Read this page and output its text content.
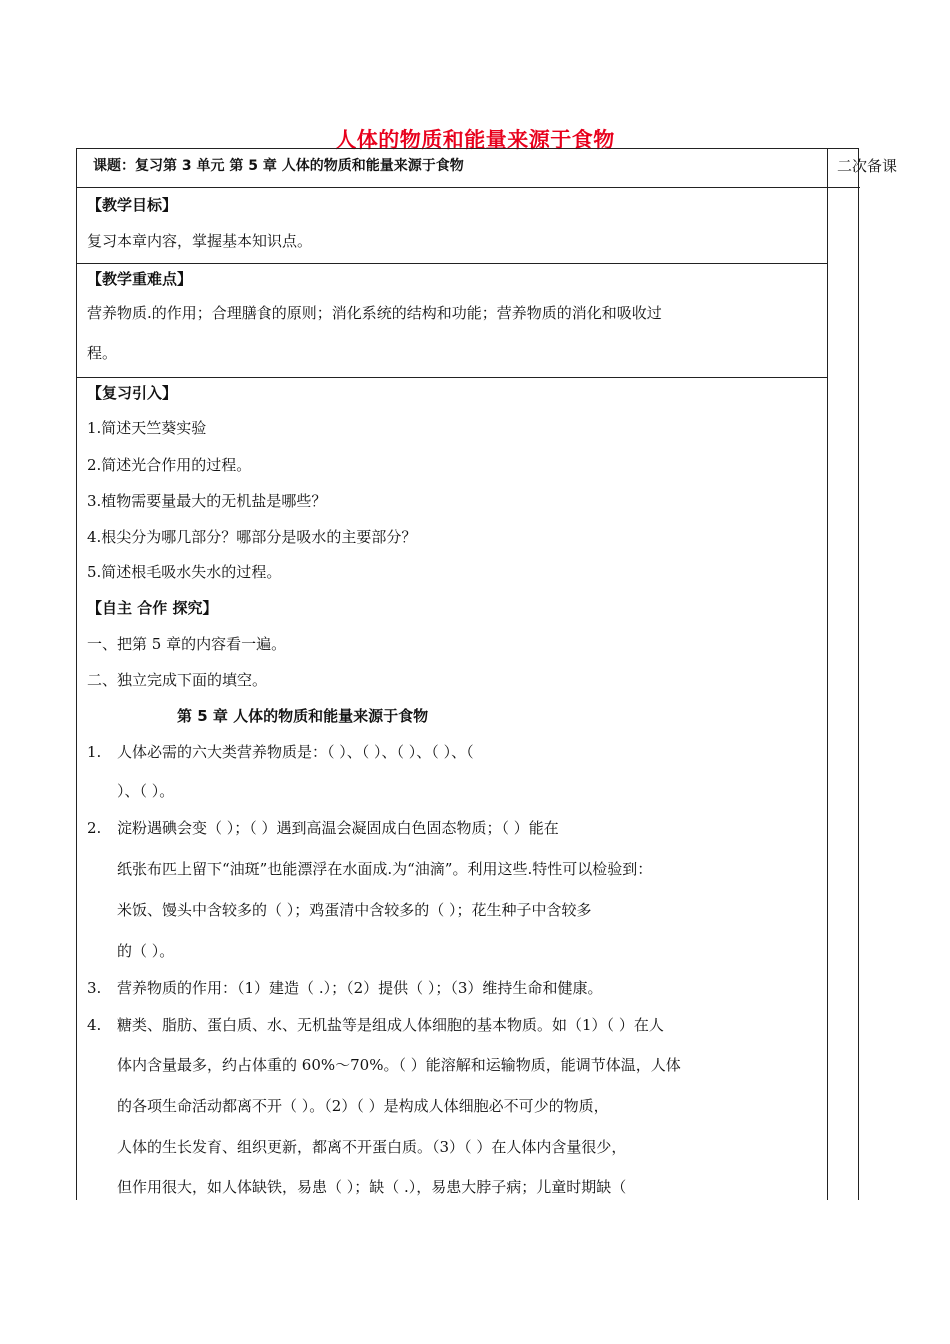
人体的物质和能量来源于食物
课题：复习第 3 单元 第 5 章 人体的物质和能量来源于食物	二次备课
【教学目标】
复习本章内容，掌握基本知识点。
【教学重难点】
营养物质.的作用；合理膳食的原则；消化系统的结构和功能；营养物质的消化和吸收过
程。
【复习引入】
1.简述天竺葵实验
2.简述光合作用的过程。
3.植物需要量最大的无机盐是哪些？
4.根尖分为哪几部分？哪部分是吸水的主要部分？
5.简述根毛吸水失水的过程。
【自主 合作 探究】
一、把第 5 章的内容看一遍。
二、独立完成下面的填空。
第 5 章 人体的物质和能量来源于食物
1. 人体必需的六大类营养物质是：（ ）、（ ）、（ ）、（ ）、（
）、（ ）。
2. 淀粉遇碘会变（ ）；（ ）遇到高温会凝固成白色固态物质；（ ）能在
纸张布匹上留下“油斑”也能漂浮在水面成.为“油滴”。利用这些.特性可以检验到：
米饭、馒头中含较多的（ ）；鸡蛋清中含较多的（ ）；花生种子中含较多
的（ ）。
3. 营养物质的作用：（1）建造（ .）；（2）提供（ ）；（3）维持生命和健康。
4. 糖类、脂肪、蛋白质、水、无机盐等是组成人体细胞的基本物质。如（1）（ ）在人
体内含量最多，约占体重的 60%～70%。（ ）能溶解和运输物质，能调节体温，人体
的各项生命活动都离不开（ ）。（2）（ ）是构成人体细胞必不可少的物质，
人体的生长发育、组织更新，都离不开蛋白质。（3）（ ）在人体内含量很少，
但作用很大，如人体缺铁，易患（ ）；缺（ .），易患大脖子病；儿童时期缺（
